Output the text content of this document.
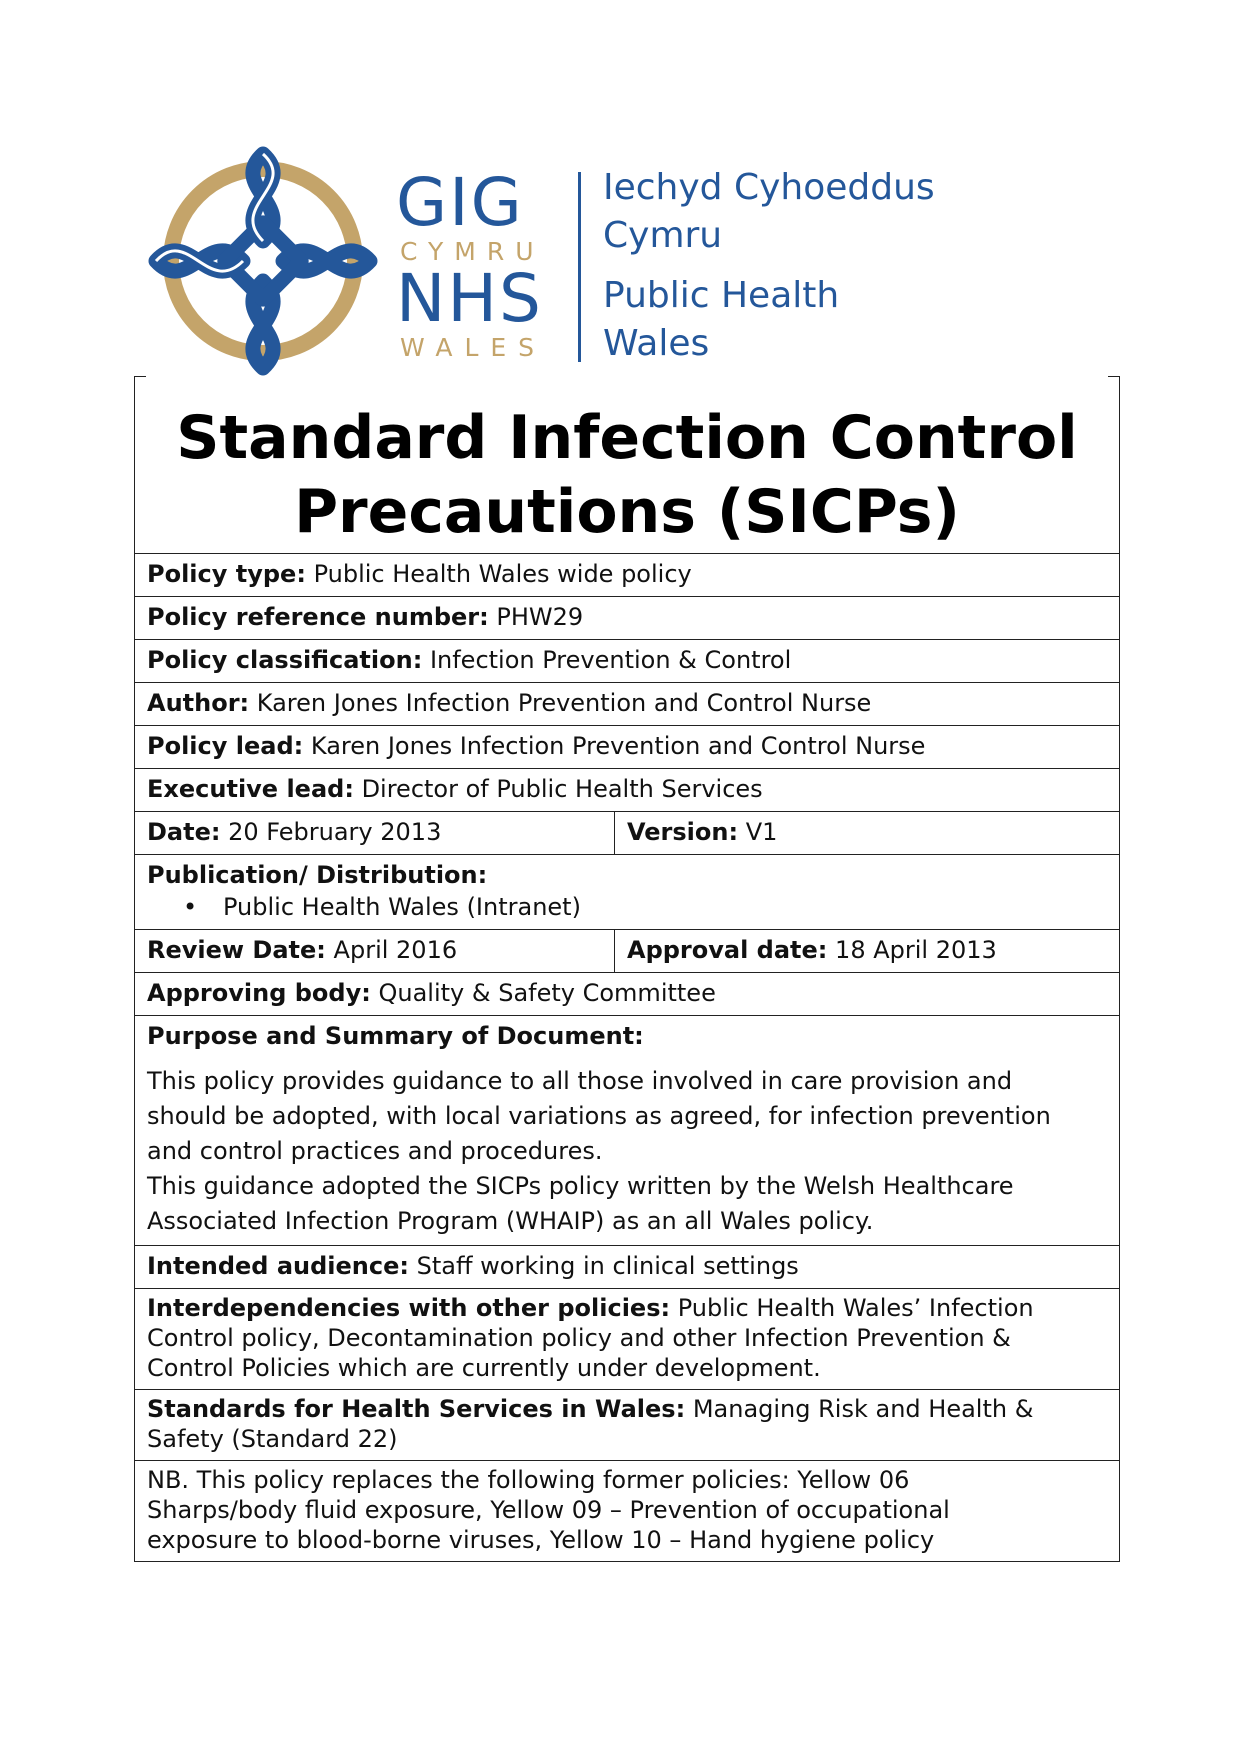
GIG
CYMRU
NHS
WALES
Iechyd Cyhoeddus
Cymru
Public Health
Wales
Standard Infection Control
Precautions (SICPs)
Policy type: Public Health Wales wide policy
Policy reference number: PHW29
Policy classification: Infection Prevention & Control
Author: Karen Jones Infection Prevention and Control Nurse
Policy lead: Karen Jones Infection Prevention and Control Nurse
Executive lead: Director of Public Health Services
Date: 20 February 2013	Version: V1
Publication/ Distribution:
• Public Health Wales (Intranet)
Review Date: April 2016	Approval date: 18 April 2013
Approving body: Quality & Safety Committee
Purpose and Summary of Document:
This policy provides guidance to all those involved in care provision and
should be adopted, with local variations as agreed, for infection prevention
and control practices and procedures.
This guidance adopted the SICPs policy written by the Welsh Healthcare
Associated Infection Program (WHAIP) as an all Wales policy.
Intended audience: Staff working in clinical settings
Interdependencies with other policies: Public Health Wales’ Infection
Control policy, Decontamination policy and other Infection Prevention &
Control Policies which are currently under development.
Standards for Health Services in Wales: Managing Risk and Health &
Safety (Standard 22)
NB. This policy replaces the following former policies: Yellow 06
Sharps/body fluid exposure, Yellow 09 – Prevention of occupational
exposure to blood-borne viruses, Yellow 10 – Hand hygiene policy
